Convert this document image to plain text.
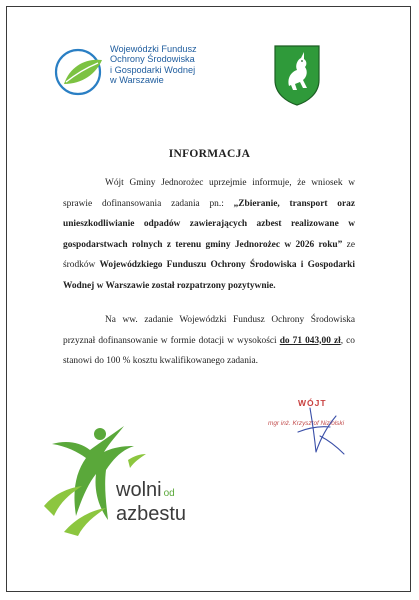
Wojewódzki Fundusz
Ochrony Środowiska
i Gospodarki Wodnej
w Warszawie

INFORMACJA

Wójt Gminy Jednorożec uprzejmie informuje, że wniosek w sprawie dofinansowania zadania pn.: „Zbieranie, transport oraz unieszkodliwianie odpadów zawierających azbest realizowane w gospodarstwach rolnych z terenu gminy Jednorożec w 2026 roku” ze środków Wojewódzkiego Funduszu Ochrony Środowiska i Gospodarki Wodnej w Warszawie został rozpatrzony pozytywnie.

Na ww. zadanie Wojewódzki Fundusz Ochrony Środowiska przyznał dofinansowanie w formie dotacji w wysokości do 71 043,00 zł, co stanowi do 100 % kosztu kwalifikowanego zadania.

WÓJT

mgr inż. Krzysztof Niziolski

wolni od
azbestu
